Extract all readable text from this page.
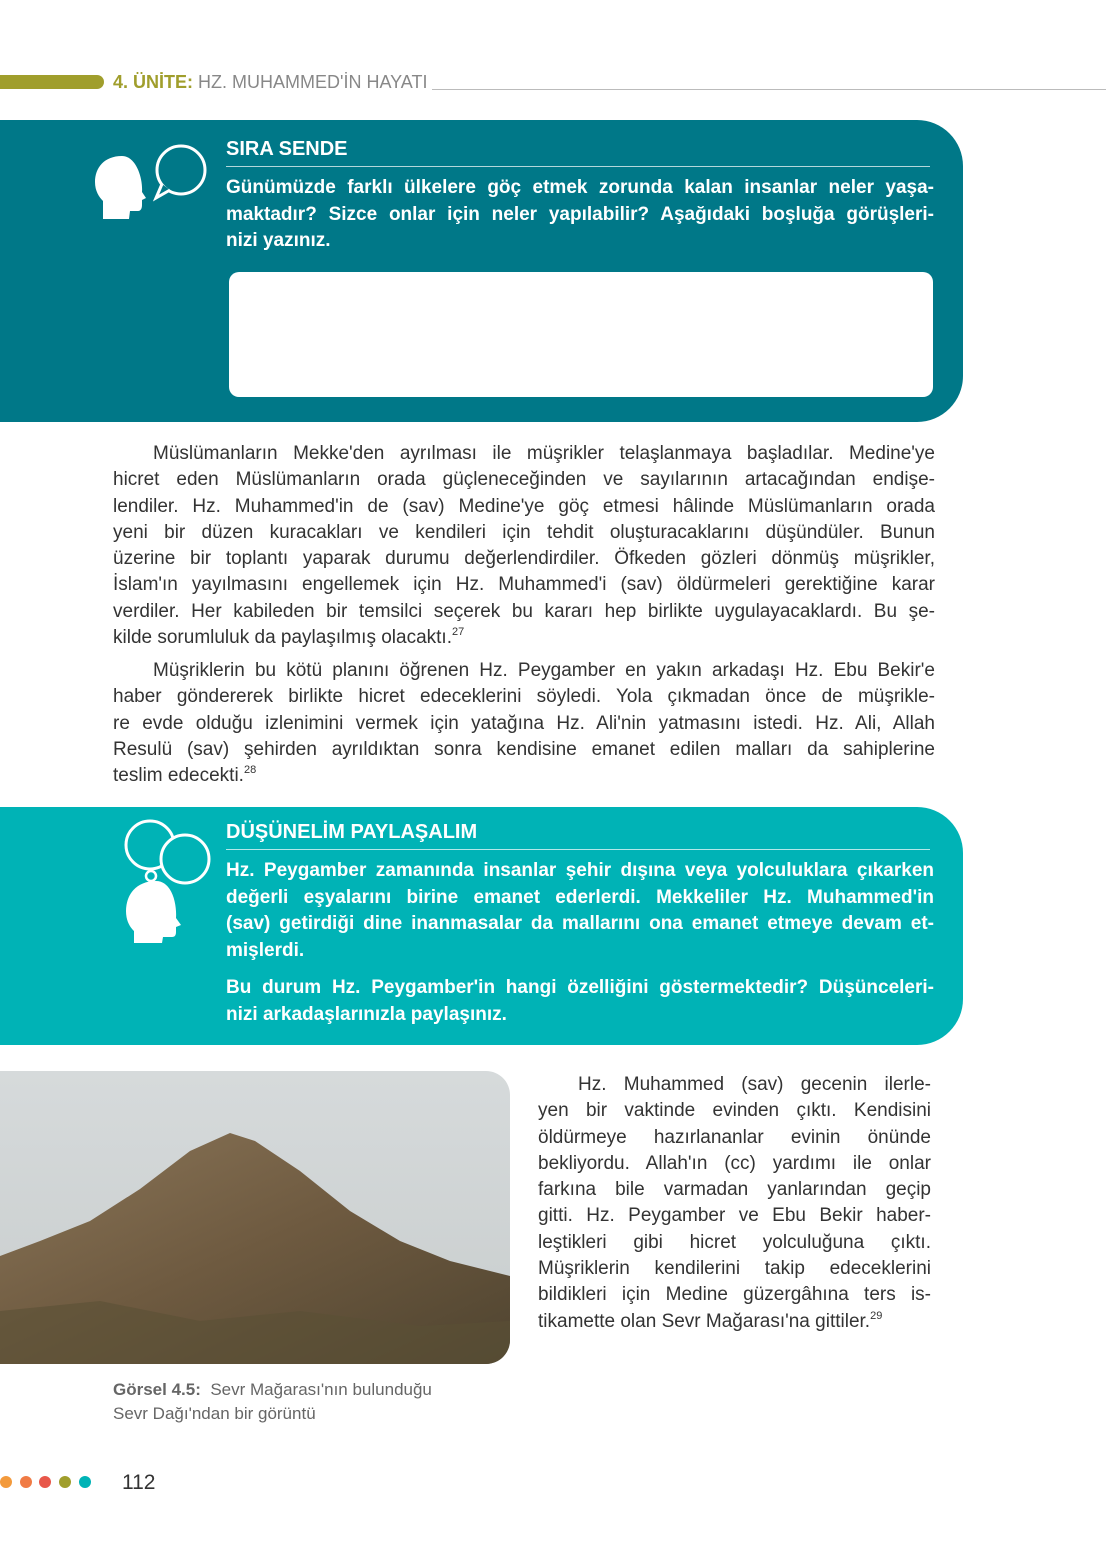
4. ÜNİTE: HZ. MUHAMMED'İN HAYATI
SIRA SENDE
Günümüzde farklı ülkelere göç etmek zorunda kalan insanlar neler yaşa-
maktadır? Sizce onlar için neler yapılabilir? Aşağıdaki boşluğa görüşleri-
nizi yazınız.
Müslümanların Mekke'den ayrılması ile müşrikler telaşlanmaya başladılar. Medine'ye
hicret eden Müslümanların orada güçleneceğinden ve sayılarının artacağından endişe-
lendiler. Hz. Muhammed'in de (sav) Medine'ye göç etmesi hâlinde Müslümanların orada
yeni bir düzen kuracakları ve kendileri için tehdit oluşturacaklarını düşündüler. Bunun
üzerine bir toplantı yaparak durumu değerlendirdiler. Öfkeden gözleri dönmüş müşrikler,
İslam'ın yayılmasını engellemek için Hz. Muhammed'i (sav) öldürmeleri gerektiğine karar
verdiler. Her kabileden bir temsilci seçerek bu kararı hep birlikte uygulayacaklardı. Bu şe-
kilde sorumluluk da paylaşılmış olacaktı.$^{27}$
Müşriklerin bu kötü planını öğrenen Hz. Peygamber en yakın arkadaşı Hz. Ebu Bekir'e
haber göndererek birlikte hicret edeceklerini söyledi. Yola çıkmadan önce de müşrikle-
re evde olduğu izlenimini vermek için yatağına Hz. Ali'nin yatmasını istedi. Hz. Ali, Allah
Resulü (sav) şehirden ayrıldıktan sonra kendisine emanet edilen malları da sahiplerine
teslim edecekti.$^{28}$
DÜŞÜNELİM PAYLAŞALIM
Hz. Peygamber zamanında insanlar şehir dışına veya yolculuklara çıkarken
değerli eşyalarını birine emanet ederlerdi. Mekkeliler Hz. Muhammed'in
(sav) getirdiği dine inanmasalar da mallarını ona emanet etmeye devam et-
mişlerdi.
Bu durum Hz. Peygamber'in hangi özelliğini göstermektedir? Düşünceleri-
nizi arkadaşlarınızla paylaşınız.
Hz. Muhammed (sav) gecenin ilerle-
yen bir vaktinde evinden çıktı. Kendisini
öldürmeye hazırlananlar evinin önünde
bekliyordu. Allah'ın (cc) yardımı ile onlar
farkına bile varmadan yanlarından geçip
gitti. Hz. Peygamber ve Ebu Bekir haber-
leştikleri gibi hicret yolculuğuna çıktı.
Müşriklerin kendilerini takip edeceklerini
bildikleri için Medine güzergâhına ters is-
tikamette olan Sevr Mağarası'na gittiler.$^{29}$
Görsel 4.5: Sevr Mağarası'nın bulunduğu
Sevr Dağı'ndan bir görüntü
112
